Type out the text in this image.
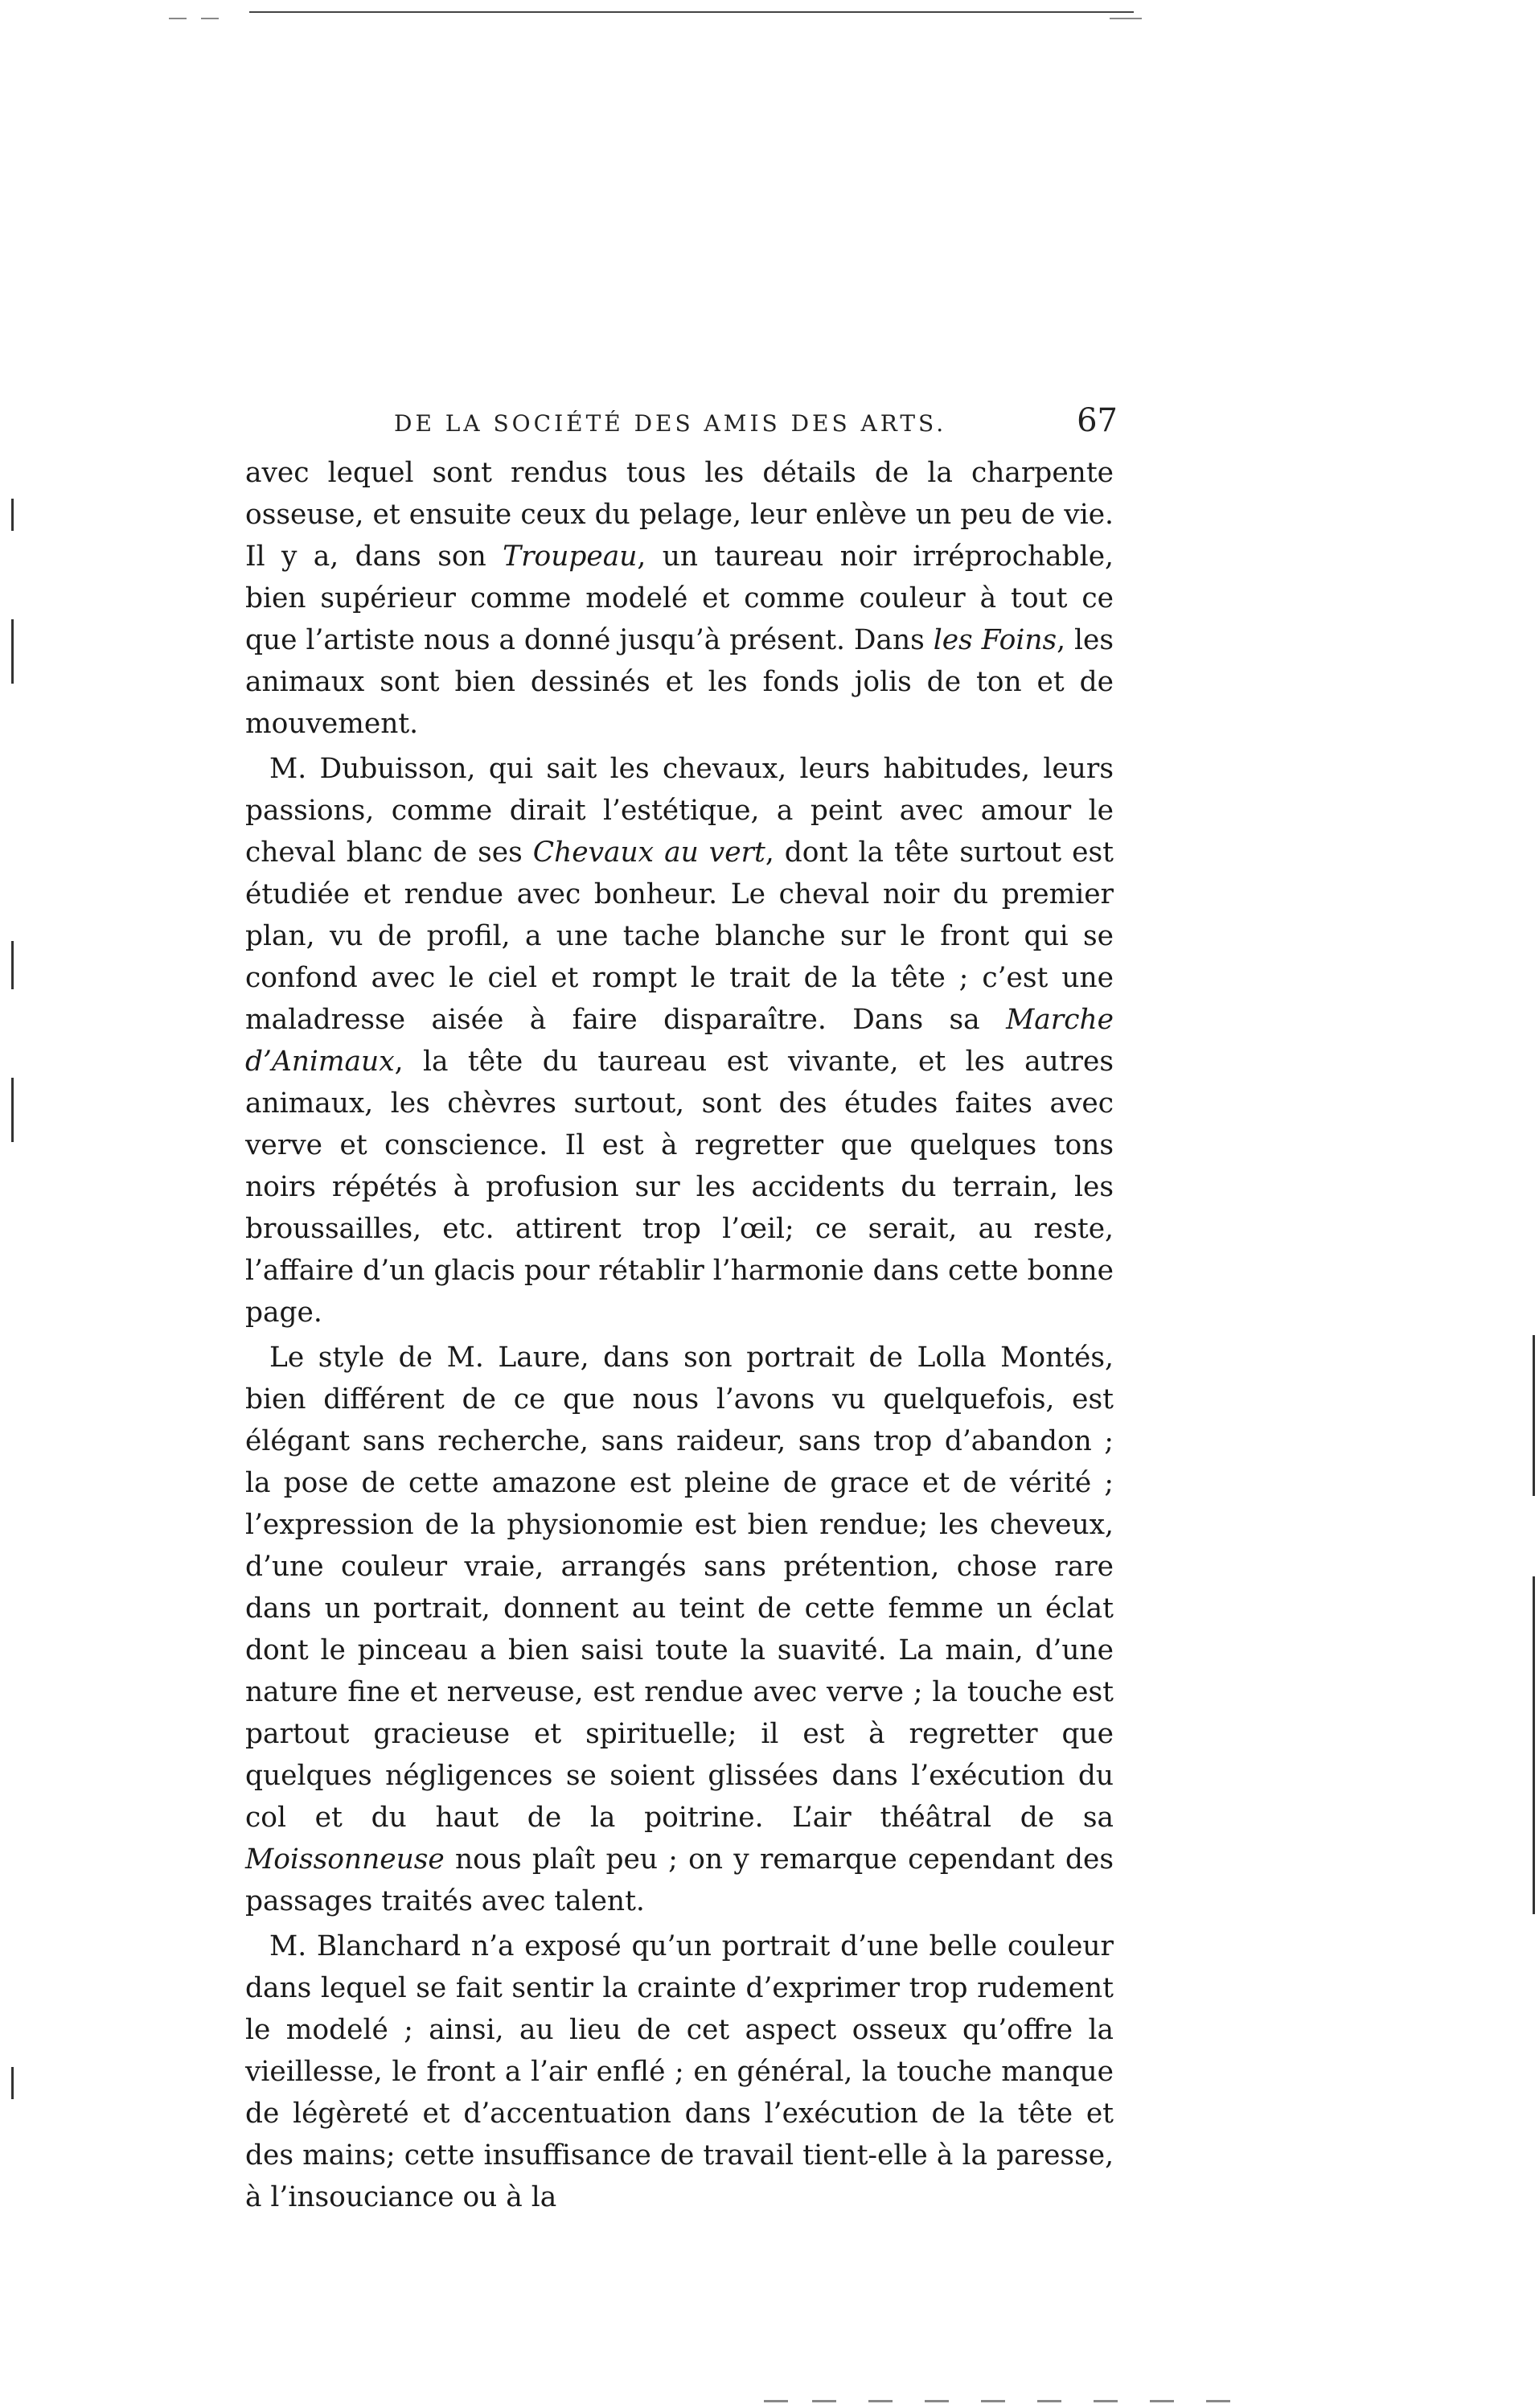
DE LA SOCIÉTÉ DES AMIS DES ARTS.	67

avec lequel sont rendus tous les détails de la charpente osseuse, et ensuite ceux du pelage, leur enlève un peu de vie. Il y a, dans son Troupeau, un taureau noir irréprochable, bien supérieur comme modelé et comme couleur à tout ce que l’artiste nous a donné jusqu’à présent. Dans les Foins, les animaux sont bien dessinés et les fonds jolis de ton et de mouvement.

M. Dubuisson, qui sait les chevaux, leurs habitudes, leurs passions, comme dirait l’estétique, a peint avec amour le cheval blanc de ses Chevaux au vert, dont la tête surtout est étudiée et rendue avec bonheur. Le cheval noir du premier plan, vu de profil, a une tache blanche sur le front qui se confond avec le ciel et rompt le trait de la tête ; c’est une maladresse aisée à faire disparaître. Dans sa Marche d’Animaux, la tête du taureau est vivante, et les autres animaux, les chèvres surtout, sont des études faites avec verve et conscience. Il est à regretter que quelques tons noirs répétés à profusion sur les accidents du terrain, les broussailles, etc. attirent trop l’œil; ce serait, au reste, l’affaire d’un glacis pour rétablir l’harmonie dans cette bonne page.

Le style de M. Laure, dans son portrait de Lolla Montés, bien différent de ce que nous l’avons vu quelquefois, est élégant sans recherche, sans raideur, sans trop d’abandon ; la pose de cette amazone est pleine de grace et de vérité ; l’expression de la physionomie est bien rendue; les cheveux, d’une couleur vraie, arrangés sans prétention, chose rare dans un portrait, donnent au teint de cette femme un éclat dont le pinceau a bien saisi toute la suavité. La main, d’une nature fine et nerveuse, est rendue avec verve ; la touche est partout gracieuse et spirituelle; il est à regretter que quelques négligences se soient glissées dans l’exécution du col et du haut de la poitrine. L’air théâtral de sa Moissonneuse nous plaît peu ; on y remarque cependant des passages traités avec talent.

M. Blanchard n’a exposé qu’un portrait d’une belle couleur dans lequel se fait sentir la crainte d’exprimer trop rudement le modelé ; ainsi, au lieu de cet aspect osseux qu’offre la vieillesse, le front a l’air enflé ; en général, la touche manque de légèreté et d’accentuation dans l’exécution de la tête et des mains; cette insuffisance de travail tient-elle à la paresse, à l’insouciance ou à la
